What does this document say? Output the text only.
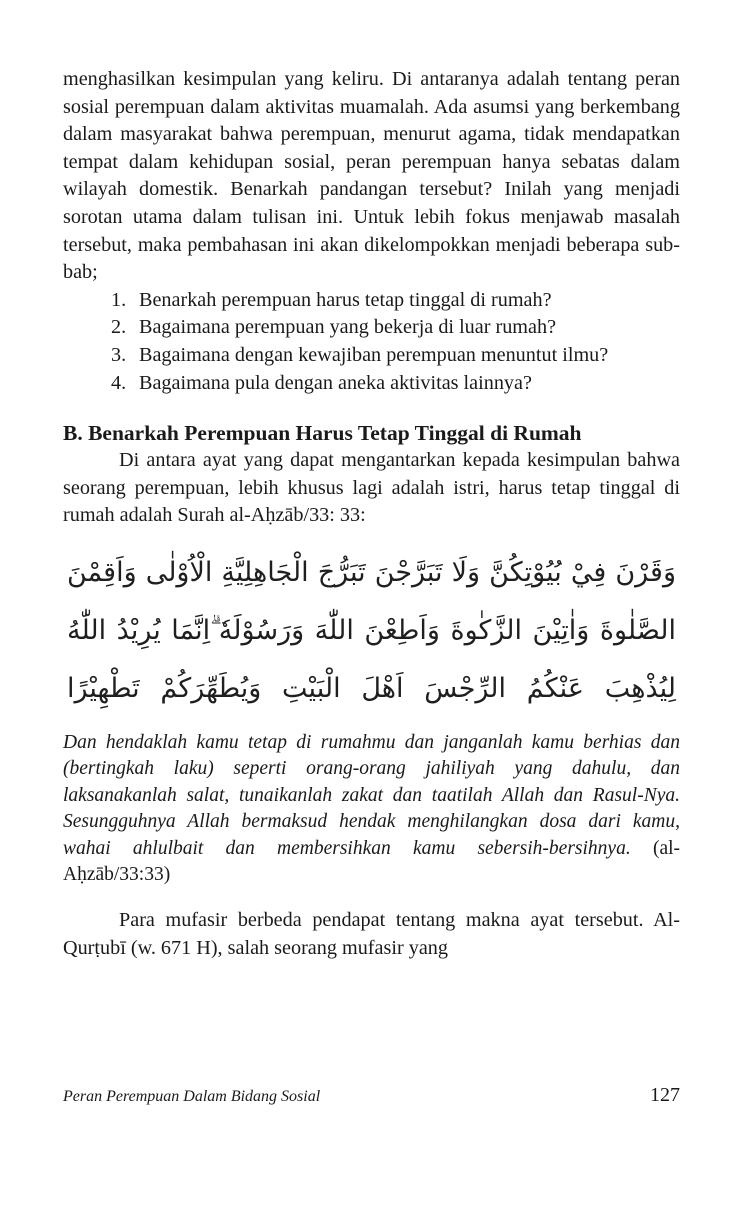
menghasilkan kesimpulan yang keliru. Di antaranya adalah tentang peran sosial perempuan dalam aktivitas muamalah. Ada asumsi yang berkembang dalam masyarakat bahwa perempuan, menurut agama, tidak mendapatkan tempat dalam kehidupan sosial, peran perempuan hanya sebatas dalam wilayah domestik. Benarkah pandangan tersebut? Inilah yang menjadi sorotan utama dalam tulisan ini. Untuk lebih fokus menjawab masalah tersebut, maka pembahasan ini akan dikelompokkan menjadi beberapa sub-bab;

1. Benarkah perempuan harus tetap tinggal di rumah?
2. Bagaimana perempuan yang bekerja di luar rumah?
3. Bagaimana dengan kewajiban perempuan menuntut ilmu?
4. Bagaimana pula dengan aneka aktivitas lainnya?
B. Benarkah Perempuan Harus Tetap Tinggal di Rumah

Di antara ayat yang dapat mengantarkan kepada kesimpulan bahwa seorang perempuan, lebih khusus lagi adalah istri, harus tetap tinggal di rumah adalah Surah al-Aḥzāb/33: 33:

وَقَرْنَ فِيْ بُيُوْتِكُنَّ وَلَا تَبَرَّجْنَ تَبَرُّجَ الْجَاهِلِيَّةِ الْاُوْلٰى وَاَقِمْنَ الصَّلٰوةَ وَاٰتِيْنَ الزَّكٰوةَ وَاَطِعْنَ اللّٰهَ وَرَسُوْلَهٗ ۗاِنَّمَا يُرِيْدُ اللّٰهُ لِيُذْهِبَ عَنْكُمُ الرِّجْسَ اَهْلَ الْبَيْتِ وَيُطَهِّرَكُمْ تَطْهِيْرًا

Dan hendaklah kamu tetap di rumahmu dan janganlah kamu berhias dan (bertingkah laku) seperti orang-orang jahiliyah yang dahulu, dan laksanakanlah salat, tunaikanlah zakat dan taatilah Allah dan Rasul-Nya. Sesungguhnya Allah bermaksud hendak menghilangkan dosa dari kamu, wahai ahlulbait dan membersihkan kamu sebersih-bersihnya. (al-Aḥzāb/33:33)

Para mufasir berbeda pendapat tentang makna ayat tersebut. Al-Qurṭubī (w. 671 H), salah seorang mufasir yang

Peran Perempuan Dalam Bidang Sosial	127
